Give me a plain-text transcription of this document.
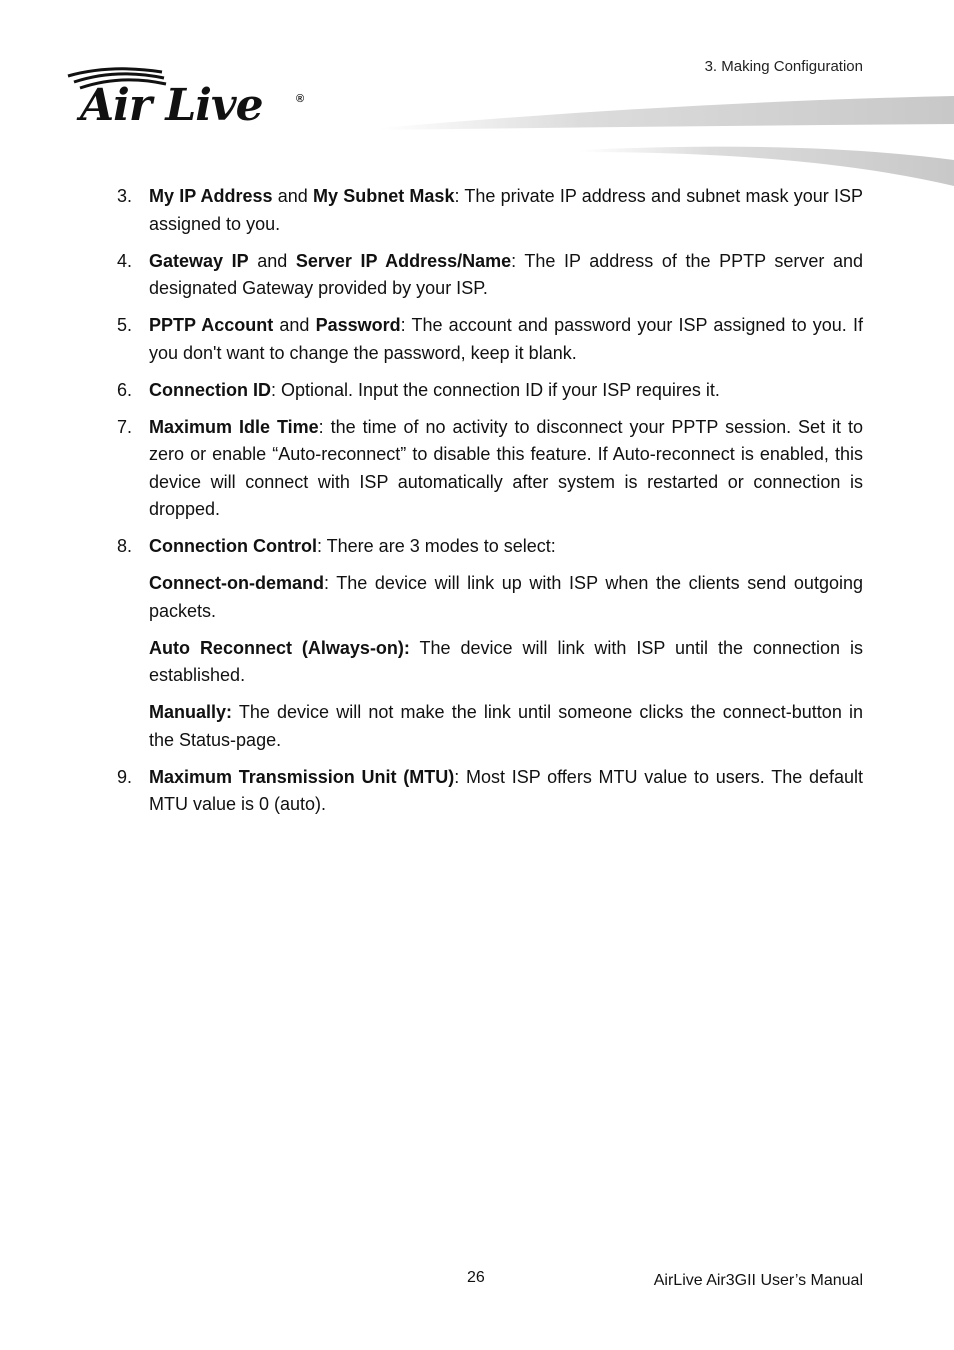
3. Making Configuration
Air Live	®
3. My IP Address and My Subnet Mask: The private IP address and subnet mask your ISP assigned to you.
4. Gateway IP and Server IP Address/Name: The IP address of the PPTP server and designated Gateway provided by your ISP.
5. PPTP Account and Password: The account and password your ISP assigned to you. If you don't want to change the password, keep it blank.
6. Connection ID: Optional. Input the connection ID if your ISP requires it.
7. Maximum Idle Time: the time of no activity to disconnect your PPTP session. Set it to zero or enable “Auto-reconnect” to disable this feature. If Auto-reconnect is enabled, this device will connect with ISP automatically after system is restarted or connection is dropped.
8. Connection Control: There are 3 modes to select:
Connect-on-demand: The device will link up with ISP when the clients send outgoing packets.
Auto Reconnect (Always-on): The device will link with ISP until the connection is established.
Manually: The device will not make the link until someone clicks the connect-button in the Status-page.
9. Maximum Transmission Unit (MTU): Most ISP offers MTU value to users. The default MTU value is 0 (auto).
26	AirLive Air3GII User’s Manual
